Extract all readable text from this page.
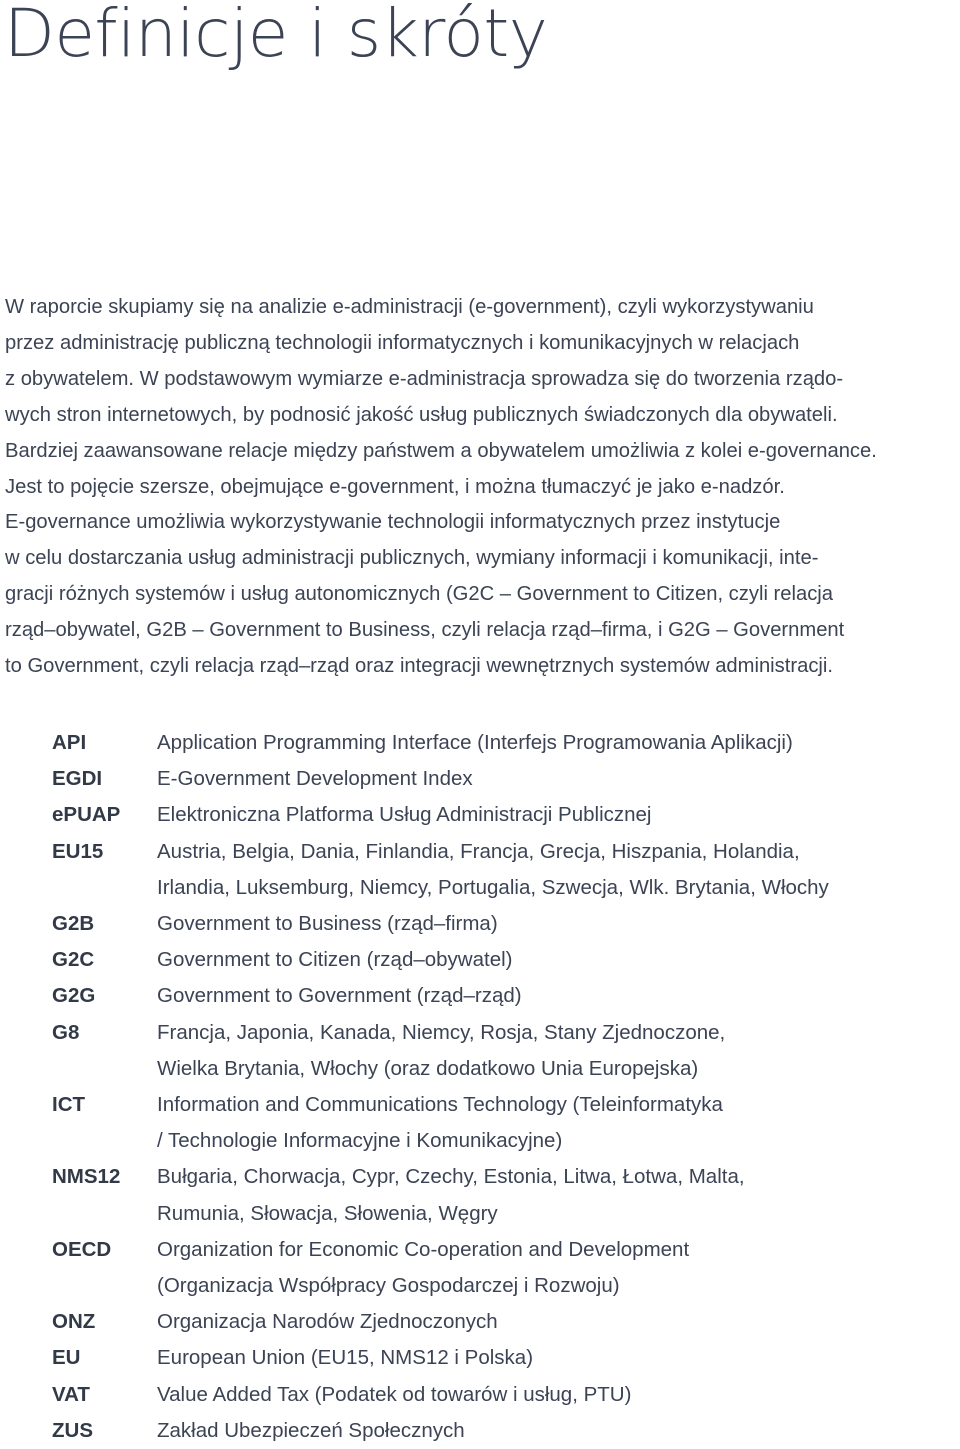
Definicje i skróty
W raporcie skupiamy się na analizie e-administracji (e-government), czyli wykorzystywaniu
przez administrację publiczną technologii informatycznych i komunikacyjnych w relacjach
z obywatelem. W podstawowym wymiarze e-administracja sprowadza się do tworzenia rządo-
wych stron internetowych, by podnosić jakość usług publicznych świadczonych dla obywateli.
Bardziej zaawansowane relacje między państwem a obywatelem umożliwia z kolei e-governance.
Jest to pojęcie szersze, obejmujące e-government, i można tłumaczyć je jako e-nadzór.
E-governance umożliwia wykorzystywanie technologii informatycznych przez instytucje
w celu dostarczania usług administracji publicznych, wymiany informacji i komunikacji, inte-
gracji różnych systemów i usług autonomicznych (G2C – Government to Citizen, czyli relacja
rząd–obywatel, G2B – Government to Business, czyli relacja rząd–firma, i G2G – Government
to Government, czyli relacja rząd–rząd oraz integracji wewnętrznych systemów administracji.
API	Application Programming Interface (Interfejs Programowania Aplikacji)
EGDI	E-Government Development Index
ePUAP	Elektroniczna Platforma Usług Administracji Publicznej
EU15	Austria, Belgia, Dania, Finlandia, Francja, Grecja, Hiszpania, Holandia,
Irlandia, Luksemburg, Niemcy, Portugalia, Szwecja, Wlk. Brytania, Włochy
G2B	Government to Business (rząd–firma)
G2C	Government to Citizen (rząd–obywatel)
G2G	Government to Government (rząd–rząd)
G8	Francja, Japonia, Kanada, Niemcy, Rosja, Stany Zjednoczone,
Wielka Brytania, Włochy (oraz dodatkowo Unia Europejska)
ICT	Information and Communications Technology (Teleinformatyka
/ Technologie Informacyjne i Komunikacyjne)
NMS12	Bułgaria, Chorwacja, Cypr, Czechy, Estonia, Litwa, Łotwa, Malta,
Rumunia, Słowacja, Słowenia, Węgry
OECD	Organization for Economic Co-operation and Development
(Organizacja Współpracy Gospodarczej i Rozwoju)
ONZ	Organizacja Narodów Zjednoczonych
EU	European Union (EU15, NMS12 i Polska)
VAT	Value Added Tax (Podatek od towarów i usług, PTU)
ZUS	Zakład Ubezpieczeń Społecznych
